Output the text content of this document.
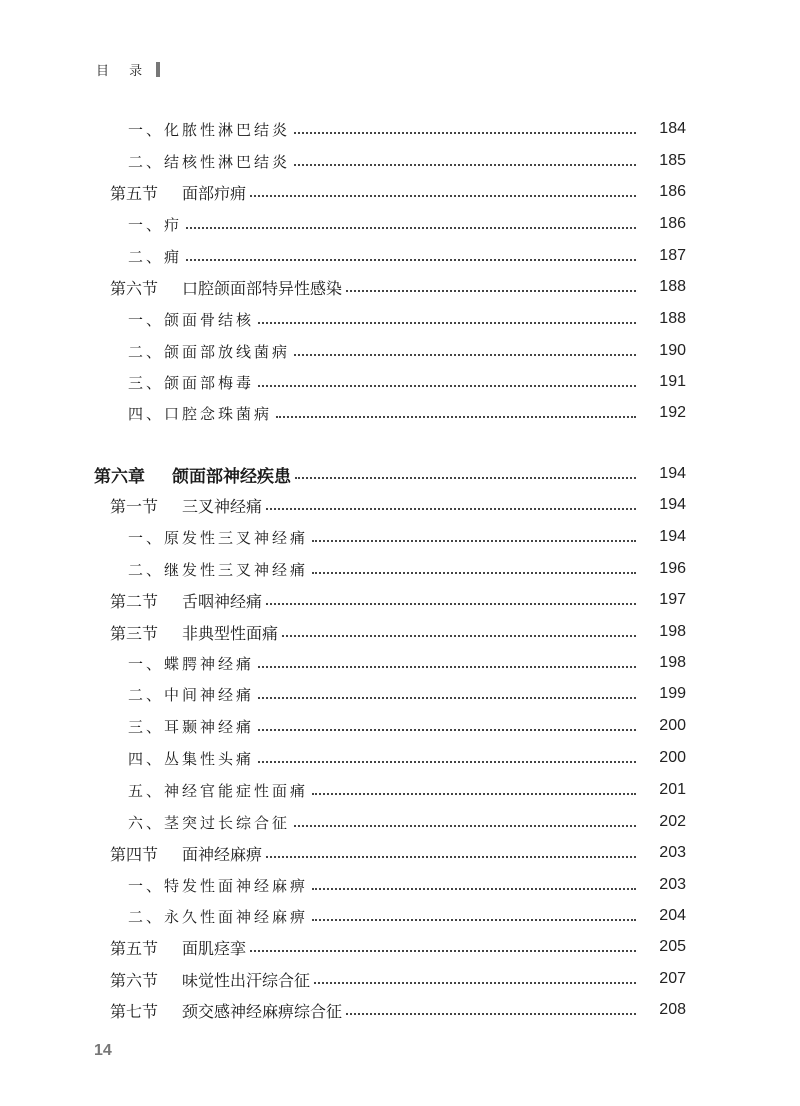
目 录
一、化脓性淋巴结炎	184
二、结核性淋巴结炎	185
第五节 面部疖痈	186
一、疖	186
二、痈	187
第六节 口腔颌面部特异性感染	188
一、颌面骨结核	188
二、颌面部放线菌病	190
三、颌面部梅毒	191
四、口腔念珠菌病	192
第六章 颌面部神经疾患	194
第一节 三叉神经痛	194
一、原发性三叉神经痛	194
二、继发性三叉神经痛	196
第二节 舌咽神经痛	197
第三节 非典型性面痛	198
一、蝶腭神经痛	198
二、中间神经痛	199
三、耳颞神经痛	200
四、丛集性头痛	200
五、神经官能症性面痛	201
六、茎突过长综合征	202
第四节 面神经麻痹	203
一、特发性面神经麻痹	203
二、永久性面神经麻痹	204
第五节 面肌痉挛	205
第六节 味觉性出汗综合征	207
第七节 颈交感神经麻痹综合征	208
14
